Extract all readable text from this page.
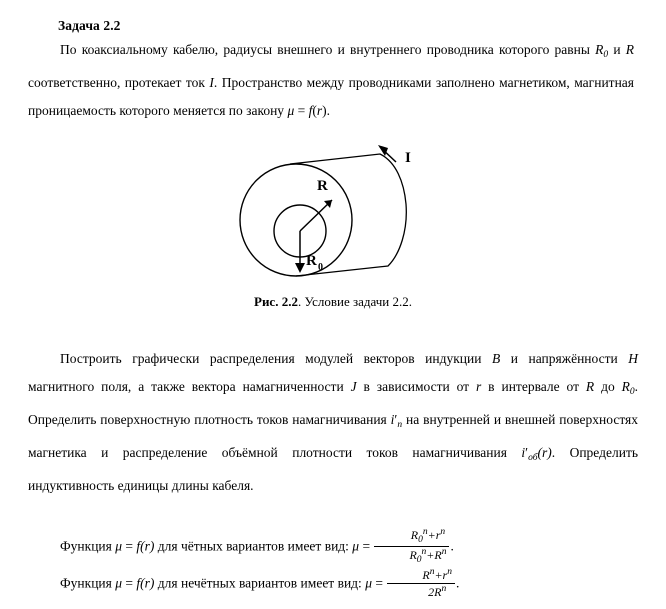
Задача 2.2
По коаксиальному кабелю, радиусы внешнего и внутреннего проводника которого равны $R_0$ и R соответственно, протекает ток I. Пространство между проводниками заполнено магнетиком, магнитная проницаемость которого меняется по закону μ = f(r).
R
R 0
I
Рис. 2.2. Условие задачи 2.2.
Построить графически распределения модулей векторов индукции B и напряжённости H магнитного поля, а также вектора намагниченности J в зависимости от r в интервале от R до $R_0$. Определить поверхностную плотность токов намагничивания $i'_п$ на внутренней и внешней поверхностях магнетика и распределение объёмной плотности токов намагничивания $i'_{об}(r)$. Определить индуктивность единицы длины кабеля.
Функция μ = f(r) для чётных вариантов имеет вид: $\mu = \frac{R_0^n+r^n}{R_0^n+R^n}$ .
Функция μ = f(r) для нечётных вариантов имеет вид: $\mu = \frac{R^n+r^n}{2R^n}$ .
